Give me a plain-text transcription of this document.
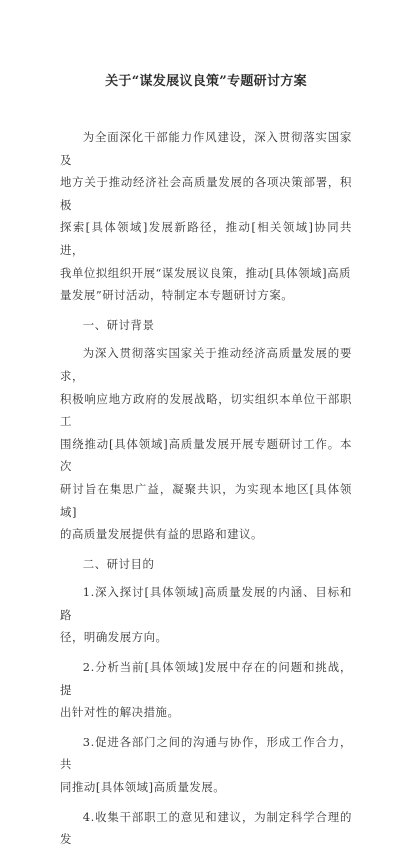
关于“谋发展议良策”专题研讨方案

为全面深化干部能力作风建设，深入贯彻落实国家及
地方关于推动经济社会高质量发展的各项决策部署，积极
探索[具体领域]发展新路径，推动[相关领域]协同共进，
我单位拟组织开展“谋发展议良策，推动[具体领域]高质
量发展”研讨活动，特制定本专题研讨方案。

一、研讨背景

为深入贯彻落实国家关于推动经济高质量发展的要求，
积极响应地方政府的发展战略，切实组织本单位干部职工
围绕推动[具体领域]高质量发展开展专题研讨工作。本次
研讨旨在集思广益，凝聚共识，为实现本地区[具体领域]
的高质量发展提供有益的思路和建议。

二、研讨目的

1.深入探讨[具体领域]高质量发展的内涵、目标和路
径，明确发展方向。

2.分析当前[具体领域]发展中存在的问题和挑战，提
出针对性的解决措施。

3.促进各部门之间的沟通与协作，形成工作合力，共
同推动[具体领域]高质量发展。

4.收集干部职工的意见和建议，为制定科学合理的发
